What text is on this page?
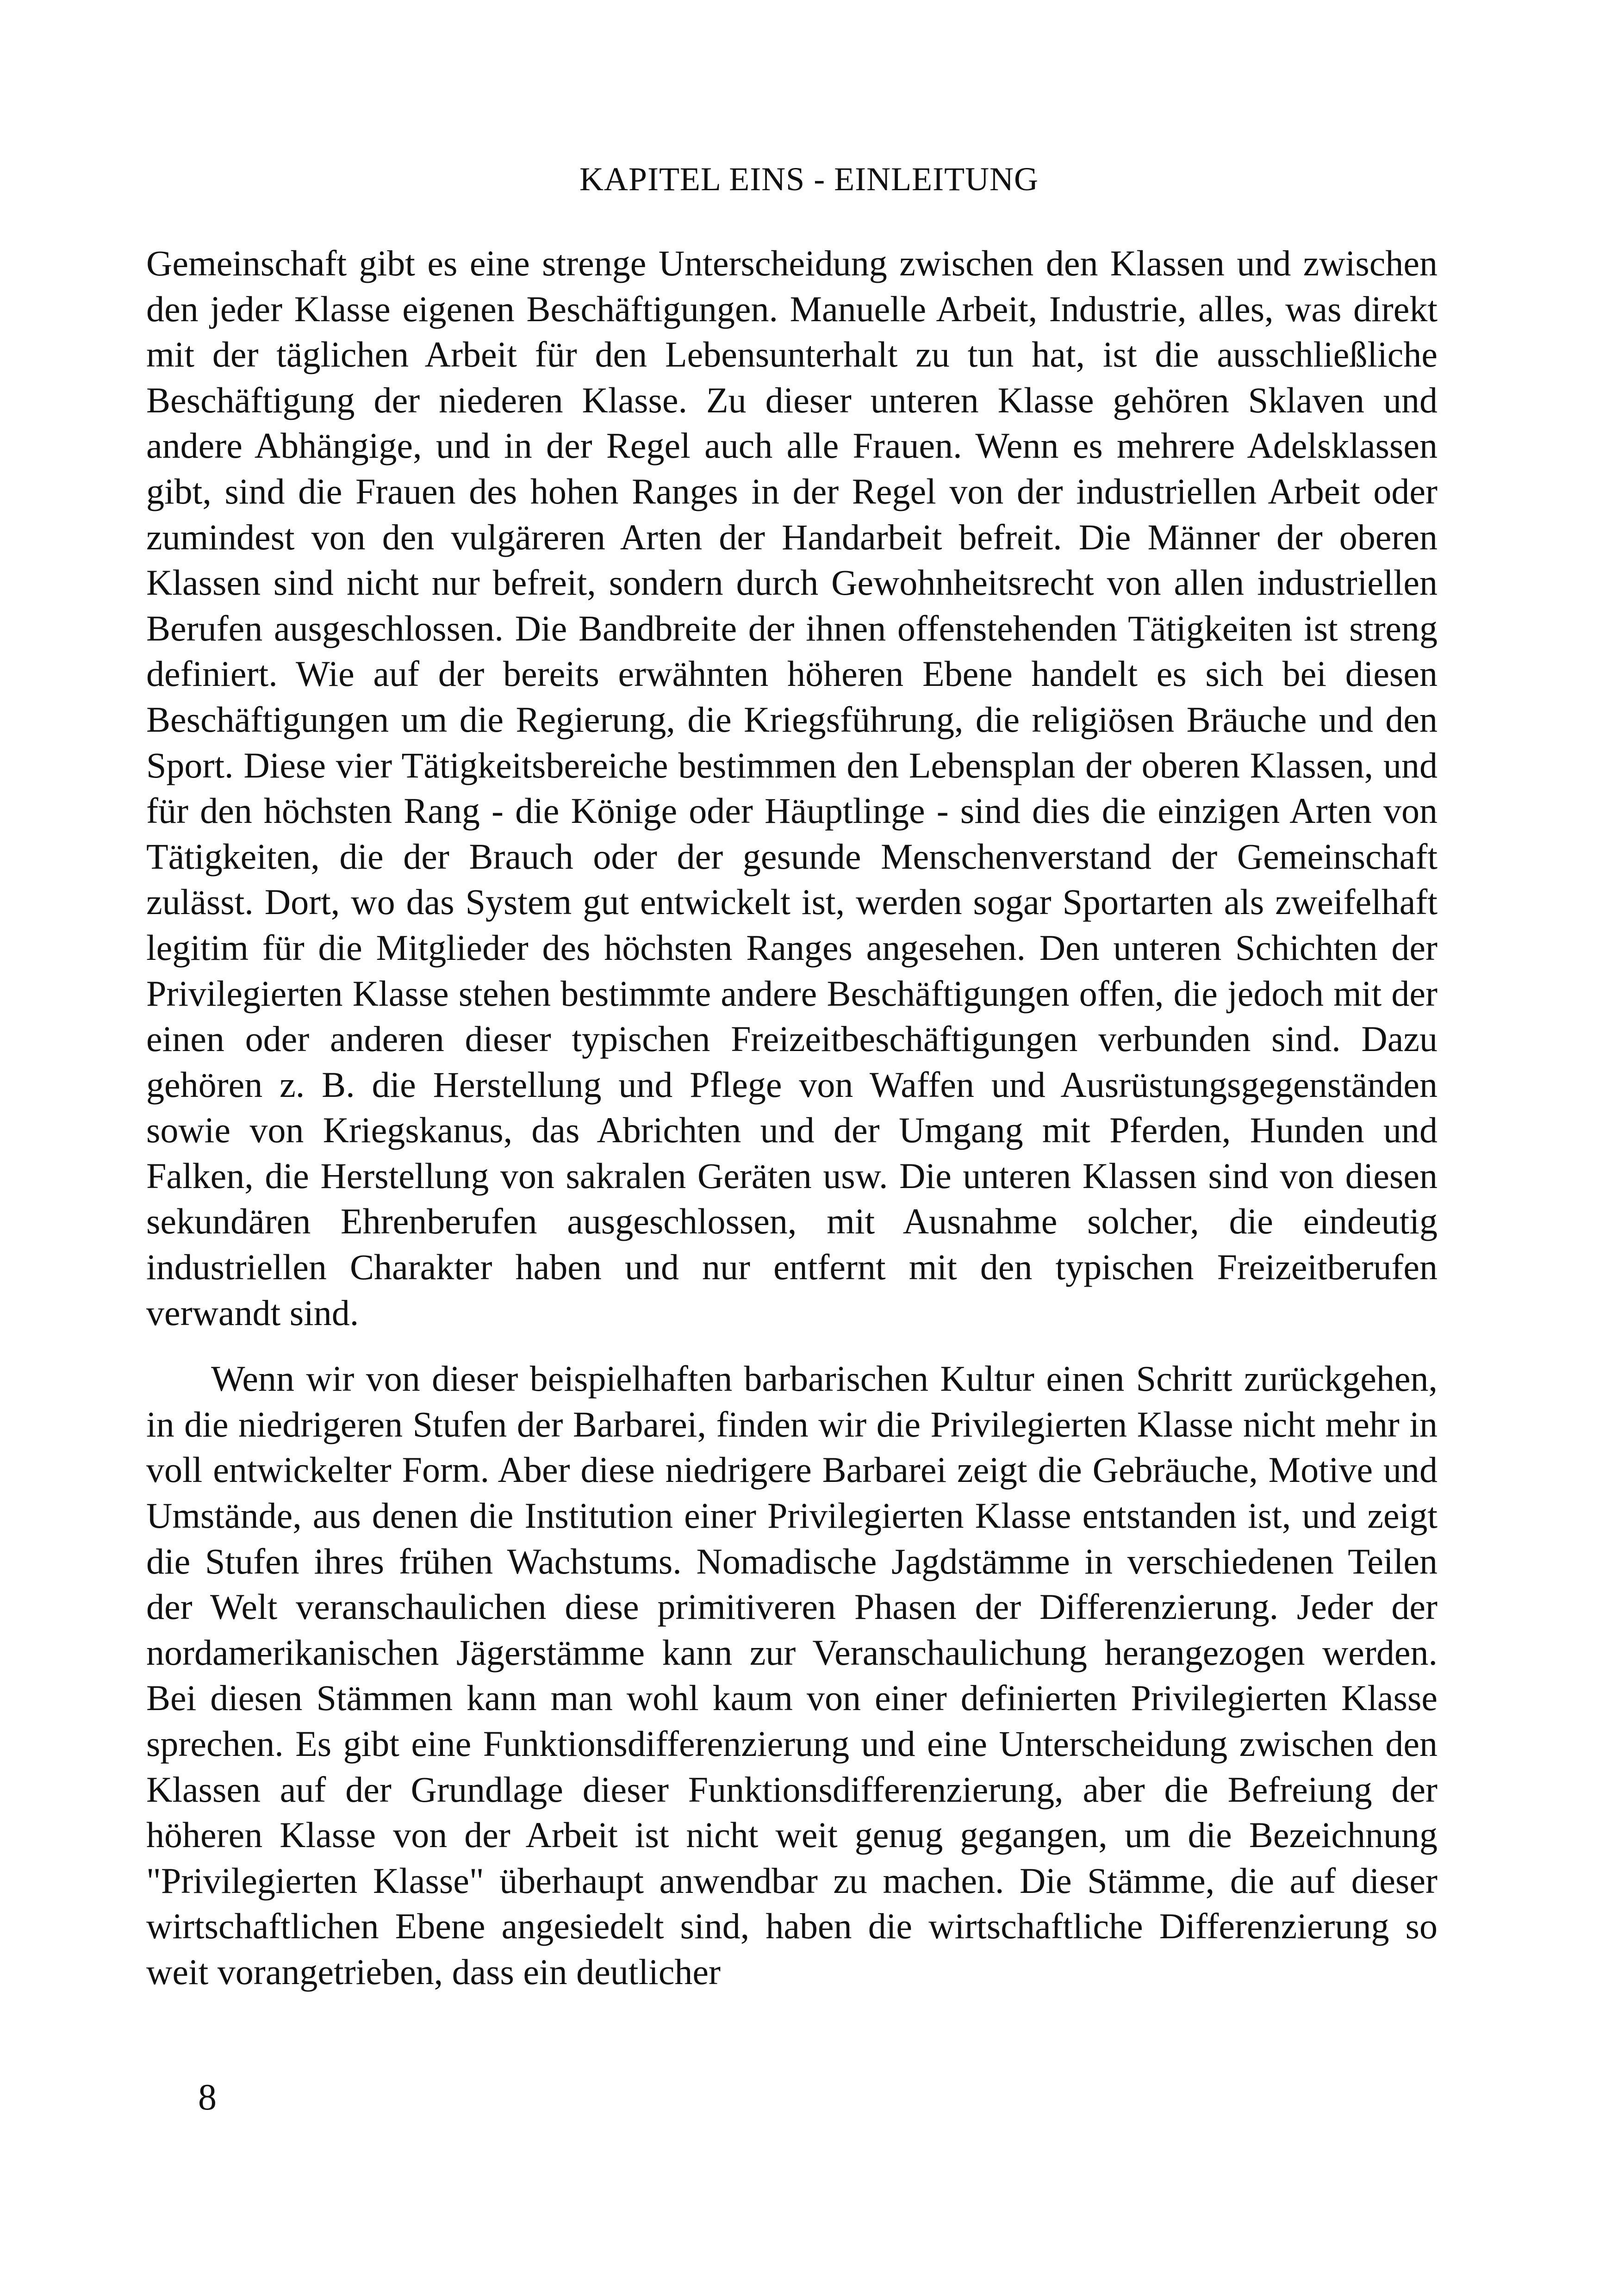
KAPITEL EINS - EINLEITUNG

Gemeinschaft gibt es eine strenge Unterscheidung zwischen den Klassen und zwischen den jeder Klasse eigenen Beschäftigungen. Manuelle Arbeit, Industrie, alles, was direkt mit der täglichen Arbeit für den Lebensunterhalt zu tun hat, ist die ausschließliche Beschäftigung der niederen Klasse. Zu dieser unteren Klasse gehören Sklaven und andere Abhängige, und in der Regel auch alle Frauen. Wenn es mehrere Adelsklassen gibt, sind die Frauen des hohen Ranges in der Regel von der industriellen Arbeit oder zumindest von den vulgäreren Arten der Handarbeit befreit. Die Männer der oberen Klassen sind nicht nur befreit, sondern durch Gewohnheitsrecht von allen industriellen Berufen ausgeschlossen. Die Bandbreite der ihnen offenstehenden Tätigkeiten ist streng definiert. Wie auf der bereits erwähnten höheren Ebene handelt es sich bei diesen Beschäftigungen um die Regierung, die Kriegsführung, die religiösen Bräuche und den Sport. Diese vier Tätigkeitsbereiche bestimmen den Lebensplan der oberen Klassen, und für den höchsten Rang - die Könige oder Häuptlinge - sind dies die einzigen Arten von Tätigkeiten, die der Brauch oder der gesunde Menschenverstand der Gemeinschaft zulässt. Dort, wo das System gut entwickelt ist, werden sogar Sportarten als zweifelhaft legitim für die Mitglieder des höchsten Ranges angesehen. Den unteren Schichten der Privilegierten Klasse stehen bestimmte andere Beschäftigungen offen, die jedoch mit der einen oder anderen dieser typischen Freizeitbeschäftigungen verbunden sind. Dazu gehören z. B. die Herstellung und Pflege von Waffen und Ausrüstungsgegenständen sowie von Kriegskanus, das Abrichten und der Umgang mit Pferden, Hunden und Falken, die Herstellung von sakralen Geräten usw. Die unteren Klassen sind von diesen sekundären Ehrenberufen ausgeschlossen, mit Ausnahme solcher, die eindeutig industriellen Charakter haben und nur entfernt mit den typischen Freizeitberufen verwandt sind.

Wenn wir von dieser beispielhaften barbarischen Kultur einen Schritt zurückgehen, in die niedrigeren Stufen der Barbarei, finden wir die Privilegierten Klasse nicht mehr in voll entwickelter Form. Aber diese niedrigere Barbarei zeigt die Gebräuche, Motive und Umstände, aus denen die Institution einer Privilegierten Klasse entstanden ist, und zeigt die Stufen ihres frühen Wachstums. Nomadische Jagdstämme in verschiedenen Teilen der Welt veranschaulichen diese primitiveren Phasen der Differenzierung. Jeder der nordamerikanischen Jägerstämme kann zur Veranschaulichung herangezogen werden. Bei diesen Stämmen kann man wohl kaum von einer definierten Privilegierten Klasse sprechen. Es gibt eine Funktionsdifferenzierung und eine Unterscheidung zwischen den Klassen auf der Grundlage dieser Funktionsdifferenzierung, aber die Befreiung der höheren Klasse von der Arbeit ist nicht weit genug gegangen, um die Bezeichnung "Privilegierten Klasse" überhaupt anwendbar zu machen. Die Stämme, die auf dieser wirtschaftlichen Ebene angesiedelt sind, haben die wirtschaftliche Differenzierung so weit vorangetrieben, dass ein deutlicher

8
